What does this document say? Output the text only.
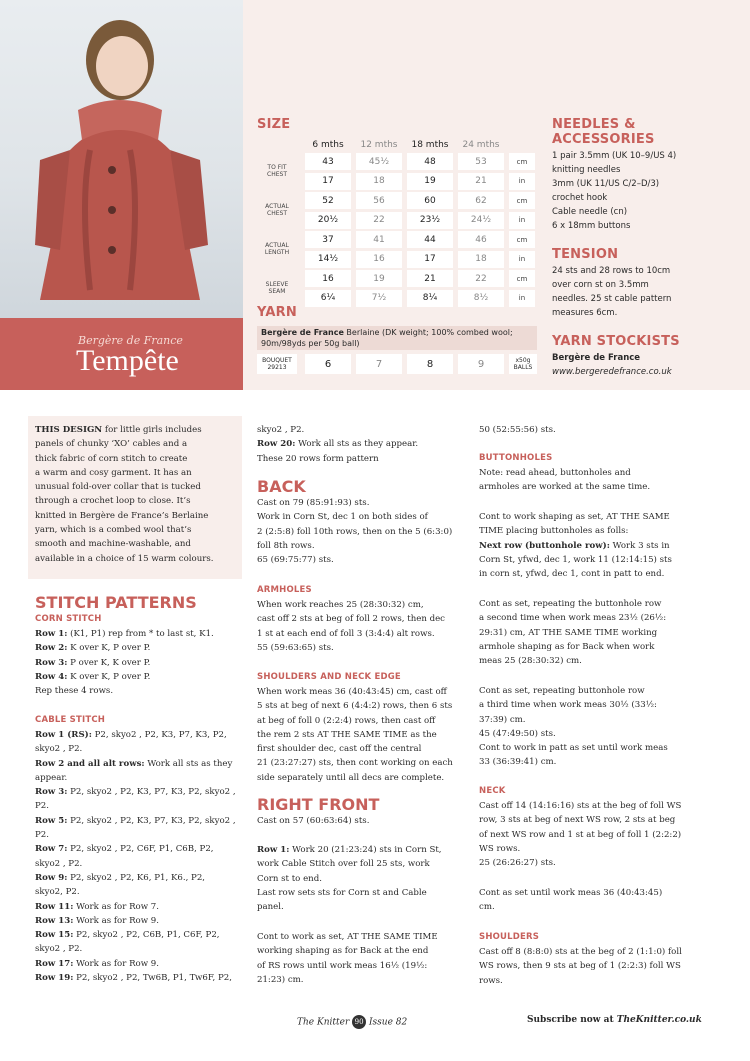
Bergère de France
Tempête
SIZE
6 mths	12 mths	18 mths	24 mths
TO FIT CHEST
43	45½	48	53	cm
17	18	19	21	in
ACTUAL CHEST
52	56	60	62	cm
20½	22	23½	24½	in
ACTUAL LENGTH
37	41	44	46	cm
14½	16	17	18	in
SLEEVE SEAM
16	19	21	22	cm
6¼	7½	8¼	8½	in
YARN
Bergère de France Berlaine (DK weight; 100% combed wool; 90m/98yds per 50g ball)
BOUQUET
29213	6	7	8	9	x50g
BALLS
NEEDLES &
ACCESSORIES
1 pair 3.5mm (UK 10–9/US 4)
knitting needles
3mm (UK 11/US C/2–D/3)
crochet hook
Cable needle (cn)
6 x 18mm buttons
TENSION
24 sts and 28 rows to 10cm
over corn st on 3.5mm
needles. 25 st cable pattern
measures 6cm.
YARN STOCKISTS
Bergère de France
www.bergeredefrance.co.uk
THIS DESIGN for little girls includes
panels of chunky ‘XO’ cables and a
thick fabric of corn stitch to create
a warm and cosy garment. It has an
unusual fold-over collar that is tucked
through a crochet loop to close. It’s
knitted in Bergère de France’s Berlaine
yarn, which is a combed wool that’s
smooth and machine-washable, and
available in a choice of 15 warm colours.
STITCH PATTERNS
CORN STITCH
Row 1: (K1, P1) rep from * to last st, K1.
Row 2: K over K, P over P.
Row 3: P over K, K over P.
Row 4: K over K, P over P.
Rep these 4 rows.
CABLE STITCH
Row 1 (RS): P2, skyo2 , P2, K3, P7, K3, P2,
skyo2 , P2.
Row 2 and all alt rows: Work all sts as they
appear.
Row 3: P2, skyo2 , P2, K3, P7, K3, P2, skyo2 ,
P2.
Row 5: P2, skyo2 , P2, K3, P7, K3, P2, skyo2 ,
P2.
Row 7: P2, skyo2 , P2, C6F, P1, C6B, P2,
skyo2 , P2.
Row 9: P2, skyo2 , P2, K6, P1, K6., P2,
skyo2, P2.
Row 11: Work as for Row 7.
Row 13: Work as for Row 9.
Row 15: P2, skyo2 , P2, C6B, P1, C6F, P2,
skyo2 , P2.
Row 17: Work as for Row 9.
Row 19: P2, skyo2 , P2, Tw6B, P1, Tw6F, P2,
skyo2 , P2.
Row 20: Work all sts as they appear.
These 20 rows form pattern
BACK
Cast on 79 (85:91:93) sts.
Work in Corn St, dec 1 on both sides of
2 (2:5:8) foll 10th rows, then on the 5 (6:3:0)
foll 8th rows.
65 (69:75:77) sts.
ARMHOLES
When work reaches 25 (28:30:32) cm,
cast off 2 sts at beg of foll 2 rows, then dec
1 st at each end of foll 3 (3:4:4) alt rows.
55 (59:63:65) sts.
SHOULDERS AND NECK EDGE
When work meas 36 (40:43:45) cm, cast off
5 sts at beg of next 6 (4:4:2) rows, then 6 sts
at beg of foll 0 (2:2:4) rows, then cast off
the rem 2 sts AT THE SAME TIME as the
first shoulder dec, cast off the central
21 (23:27:27) sts, then cont working on each
side separately until all decs are complete.
RIGHT FRONT
Cast on 57 (60:63:64) sts.
Row 1: Work 20 (21:23:24) sts in Corn St,
work Cable Stitch over foll 25 sts, work
Corn st to end.
Last row sets sts for Corn st and Cable
panel.
Cont to work as set, AT THE SAME TIME
working shaping as for Back at the end
of RS rows until work meas 16½ (19½:
21:23) cm.
50 (52:55:56) sts.
BUTTONHOLES
Note: read ahead, buttonholes and
armholes are worked at the same time.
Cont to work shaping as set, AT THE SAME
TIME placing buttonholes as folls:
Next row (buttonhole row): Work 3 sts in
Corn St, yfwd, dec 1, work 11 (12:14:15) sts
in corn st, yfwd, dec 1, cont in patt to end.
Cont as set, repeating the buttonhole row
a second time when work meas 23½ (26½:
29:31) cm, AT THE SAME TIME working
armhole shaping as for Back when work
meas 25 (28:30:32) cm.
Cont as set, repeating buttonhole row
a third time when work meas 30½ (33½:
37:39) cm.
45 (47:49:50) sts.
Cont to work in patt as set until work meas
33 (36:39:41) cm.
NECK
Cast off 14 (14:16:16) sts at the beg of foll WS
row, 3 sts at beg of next WS row, 2 sts at beg
of next WS row and 1 st at beg of foll 1 (2:2:2)
WS rows.
25 (26:26:27) sts.
Cont as set until work meas 36 (40:43:45)
cm.
SHOULDERS
Cast off 8 (8:8:0) sts at the beg of 2 (1:1:0) foll
WS rows, then 9 sts at beg of 1 (2:2:3) foll WS
rows.
The Knitter 90 Issue 82	Subscribe now at TheKnitter.co.uk
